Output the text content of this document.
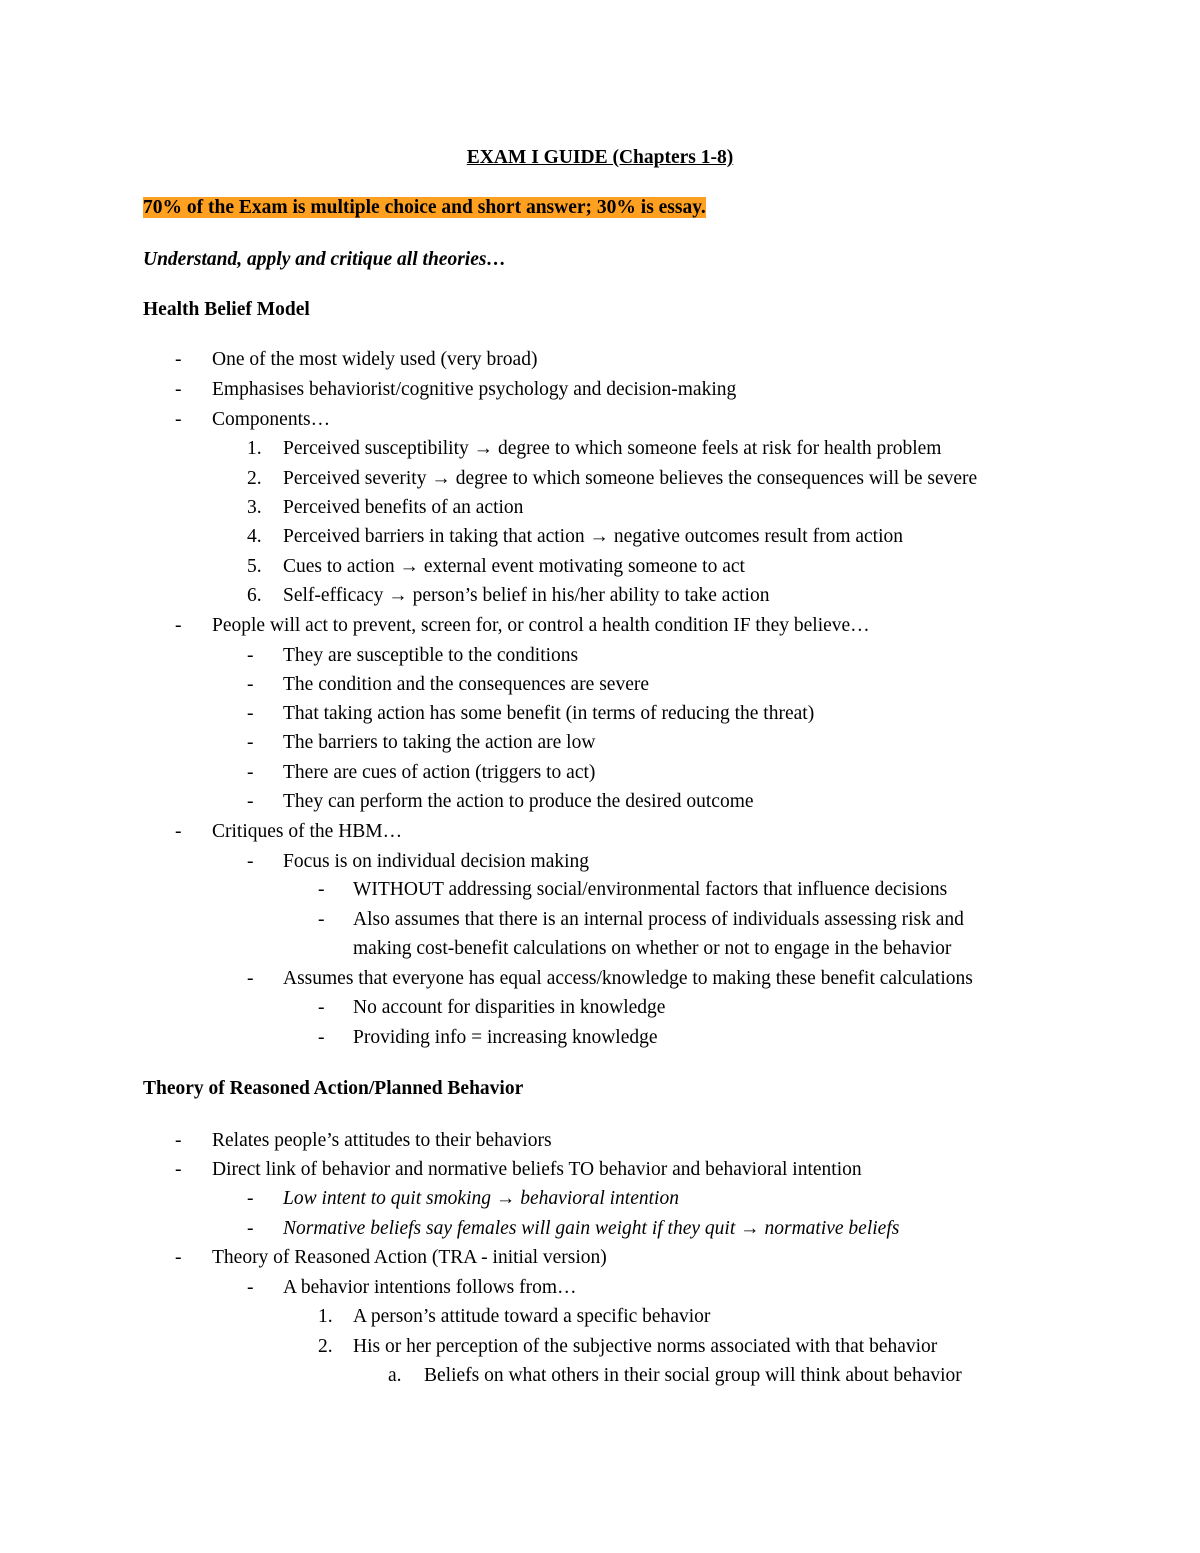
EXAM I GUIDE (Chapters 1-8)
70% of the Exam is multiple choice and short answer; 30% is essay.
Understand, apply and critique all theories…
Health Belief Model
- One of the most widely used (very broad)
- Emphasises behaviorist/cognitive psychology and decision-making
- Components…
1. Perceived susceptibility → degree to which someone feels at risk for health problem
2. Perceived severity → degree to which someone believes the consequences will be severe
3. Perceived benefits of an action
4. Perceived barriers in taking that action → negative outcomes result from action
5. Cues to action → external event motivating someone to act
6. Self-efficacy → person’s belief in his/her ability to take action
- People will act to prevent, screen for, or control a health condition IF they believe…
- They are susceptible to the conditions
- The condition and the consequences are severe
- That taking action has some benefit (in terms of reducing the threat)
- The barriers to taking the action are low
- There are cues of action (triggers to act)
- They can perform the action to produce the desired outcome
- Critiques of the HBM…
- Focus is on individual decision making
- WITHOUT addressing social/environmental factors that influence decisions
- Also assumes that there is an internal process of individuals assessing risk and
making cost-benefit calculations on whether or not to engage in the behavior
- Assumes that everyone has equal access/knowledge to making these benefit calculations
- No account for disparities in knowledge
- Providing info = increasing knowledge
Theory of Reasoned Action/Planned Behavior
- Relates people’s attitudes to their behaviors
- Direct link of behavior and normative beliefs TO behavior and behavioral intention
- Low intent to quit smoking → behavioral intention
- Normative beliefs say females will gain weight if they quit → normative beliefs
- Theory of Reasoned Action (TRA - initial version)
- A behavior intentions follows from…
1. A person’s attitude toward a specific behavior
2. His or her perception of the subjective norms associated with that behavior
a. Beliefs on what others in their social group will think about behavior
